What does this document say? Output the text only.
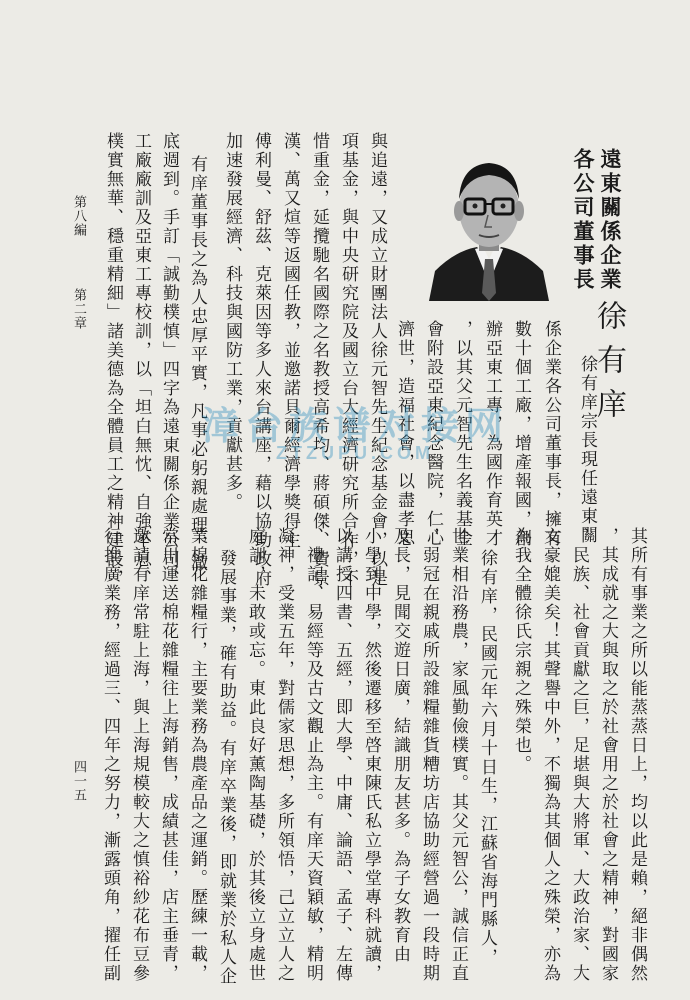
遠東關係企業
各公司董事長
徐有庠
徐有庠宗長現任遠東關
係企業各公司董事長，擁有
數十個工廠，增產報國，創
辦亞東工專，為國作育英才
，以其父元智先生名義基金
會附設亞東紀念醫院，仁心
濟世，造福社會，以盡孝思
與追遠，又成立財團法人徐元智先生紀念基金會，以是
項基金，與中央研究院及國立台大經濟研究所合作，不
惜重金，延攬馳名國際之名教授高希均、蔣碩傑、費景
漢、萬又煊等返國任教，並邀諾貝爾經濟學獎得主
傅利曼、舒茲、克萊因等多人來台講座，藉以協助政府
加速發展經濟、科技與國防工業，貢獻甚多。
有庠董事長之為人忠厚平實，凡事必躬親處理，澈
底週到。手訂「誠勤樸慎」四字為遠東關係企業公司、
工廠廠訓及亞東工專校訓，以「坦白無忱、自強不息、
樸實無華、穩重精細」諸美德為全體員工之精神建設，
其所有事業之所以能蒸蒸日上，均以此是賴，絕非偶然
，其成就之大與取之於社會用之於社會之精神，對國家
、民族、社會貢獻之巨，足堪與大將軍、大政治家、大
文豪媲美矣！其聲譽中外，不獨為其個人之殊榮，亦為
為我全體徐氏宗親之殊榮也。
徐有庠，民國元年六月十日生，江蘇省海門縣人，
世業相沿務農，家風勤儉樸實。其父元智公，誠信正直
，弱冠在親戚所設雜糧雜貨糟坊店協助經營過一段時期
及長，見聞交遊日廣，結識朋友甚多。為子女教育由
小學到中學，然後遷移至啓東陳氏私立學堂專科就讀，
以講授四書、五經，即大學、中庸、論語、孟子、左傳
、禮記、易經等及古文觀止為主。有庠天資穎敏，精明
凝神，受業五年，對儒家思想，多所領悟，己立立人之
庭訓，未敢或忘。東此良好薰陶基礎，於其後立身處世
發展事業，確有助益。有庠卒業後，即就業於私人企
業棉花雜糧行，主要業務為農產品之運銷。歷練一載，
常川運送棉花雜糧往上海銷售，成績甚佳，店主垂青，
邀請有庠常駐上海，與上海規模較大之慎裕紗花布豆參
行推廣業務，經過三、四年之努力，漸露頭角，擢任副
第八編
第二章
四一五
漳台族谱对接网
ZTZUPU.COM
